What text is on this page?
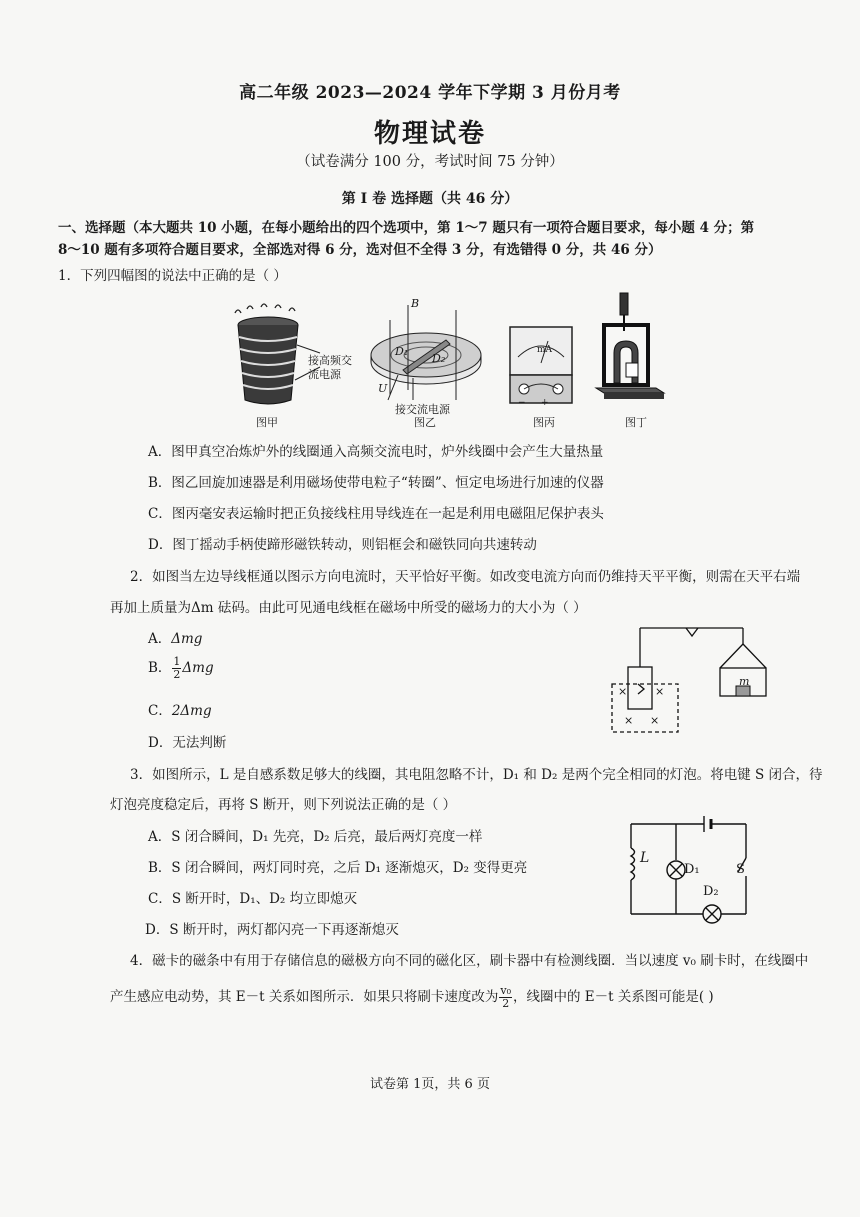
高二年级 2023—2024 学年下学期 3 月份月考
物理试卷
（试卷满分 100 分，考试时间 75 分钟）
第 I 卷 选择题（共 46 分）
一、选择题（本大题共 10 小题，在每小题给出的四个选项中，第 1～7 题只有一项符合题目要求，每小题 4 分；第
8～10 题有多项符合题目要求，全部选对得 6 分，选对但不全得 3 分，有选错得 0 分，共 46 分）
1．下列四幅图的说法中正确的是（ ）
接高频交
流电源
图甲
B
D₁
D₂
U
接交流电源
图乙
− +
mA
图丙	图丁
A．图甲真空冶炼炉外的线圈通入高频交流电时，炉外线圈中会产生大量热量
B．图乙回旋加速器是利用磁场使带电粒子“转圈”、恒定电场进行加速的仪器
C．图丙毫安表运输时把正负接线柱用导线连在一起是利用电磁阻尼保护表头
D．图丁摇动手柄使蹄形磁铁转动，则铝框会和磁铁同向共速转动
2．如图当左边导线框通以图示方向电流时，天平恰好平衡。如改变电流方向而仍维持天平平衡，则需在天平右端
再加上质量为Δm 砝码。由此可见通电线框在磁场中所受的磁场力的大小为（ ）
A．Δmg
B． $\frac{1}{2}$ Δmg
C．2Δmg
D．无法判断
×	×
× ×
m
3．如图所示，L 是自感系数足够大的线圈，其电阻忽略不计，D₁ 和 D₂ 是两个完全相同的灯泡。将电键 S 闭合，待
灯泡亮度稳定后，再将 S 断开，则下列说法正确的是（ ）
A．S 闭合瞬间，D₁ 先亮，D₂ 后亮，最后两灯亮度一样
B．S 闭合瞬间，两灯同时亮，之后 D₁ 逐渐熄灭，D₂ 变得更亮
C．S 断开时，D₁、D₂ 均立即熄灭
D．S 断开时，两灯都闪亮一下再逐渐熄灭
L
D₁
D₂
S
4．磁卡的磁条中有用于存储信息的磁极方向不同的磁化区，刷卡器中有检测线圈．当以速度 v₀ 刷卡时，在线圈中
产生感应电动势，其 E－t 关系如图所示．如果只将刷卡速度改为 $\frac{\text{v₀}}{2}$ ，线圈中的 E－t 关系图可能是( )
试卷第 1页，共 6 页
